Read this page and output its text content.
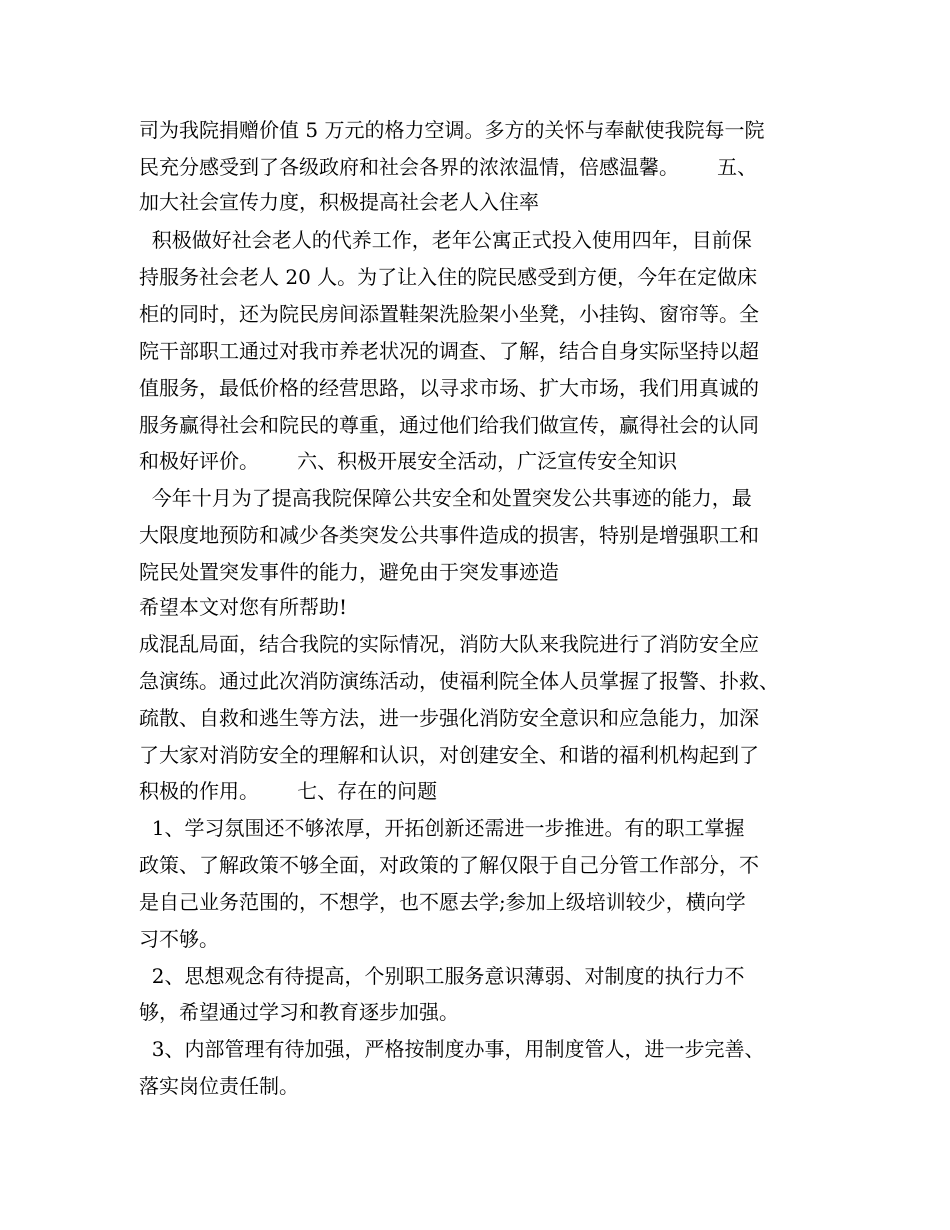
司为我院捐赠价值 5 万元的格力空调。多方的关怀与奉献使我院每一院
民充分感受到了各级政府和社会各界的浓浓温情，倍感温馨。      五、
加大社会宣传力度，积极提高社会老人入住率
积极做好社会老人的代养工作，老年公寓正式投入使用四年，目前保
持服务社会老人 20 人。为了让入住的院民感受到方便，今年在定做床
柜的同时，还为院民房间添置鞋架洗脸架小坐凳，小挂钩、窗帘等。全
院干部职工通过对我市养老状况的调查、了解，结合自身实际坚持以超
值服务，最低价格的经营思路，以寻求市场、扩大市场，我们用真诚的
服务赢得社会和院民的尊重，通过他们给我们做宣传，赢得社会的认同
和极好评价。      六、积极开展安全活动，广泛宣传安全知识
今年十月为了提高我院保障公共安全和处置突发公共事迹的能力，最
大限度地预防和减少各类突发公共事件造成的损害，特别是增强职工和
院民处置突发事件的能力，避免由于突发事迹造
希望本文对您有所帮助!
成混乱局面，结合我院的实际情况，消防大队来我院进行了消防安全应
急演练。通过此次消防演练活动，使福利院全体人员掌握了报警、扑救、
疏散、自救和逃生等方法，进一步强化消防安全意识和应急能力，加深
了大家对消防安全的理解和认识，对创建安全、和谐的福利机构起到了
积极的作用。      七、存在的问题
1、学习氛围还不够浓厚，开拓创新还需进一步推进。有的职工掌握
政策、了解政策不够全面，对政策的了解仅限于自己分管工作部分，不
是自己业务范围的，不想学，也不愿去学;参加上级培训较少，横向学
习不够。
2、思想观念有待提高，个别职工服务意识薄弱、对制度的执行力不
够，希望通过学习和教育逐步加强。
3、内部管理有待加强，严格按制度办事，用制度管人，进一步完善、
落实岗位责任制。
